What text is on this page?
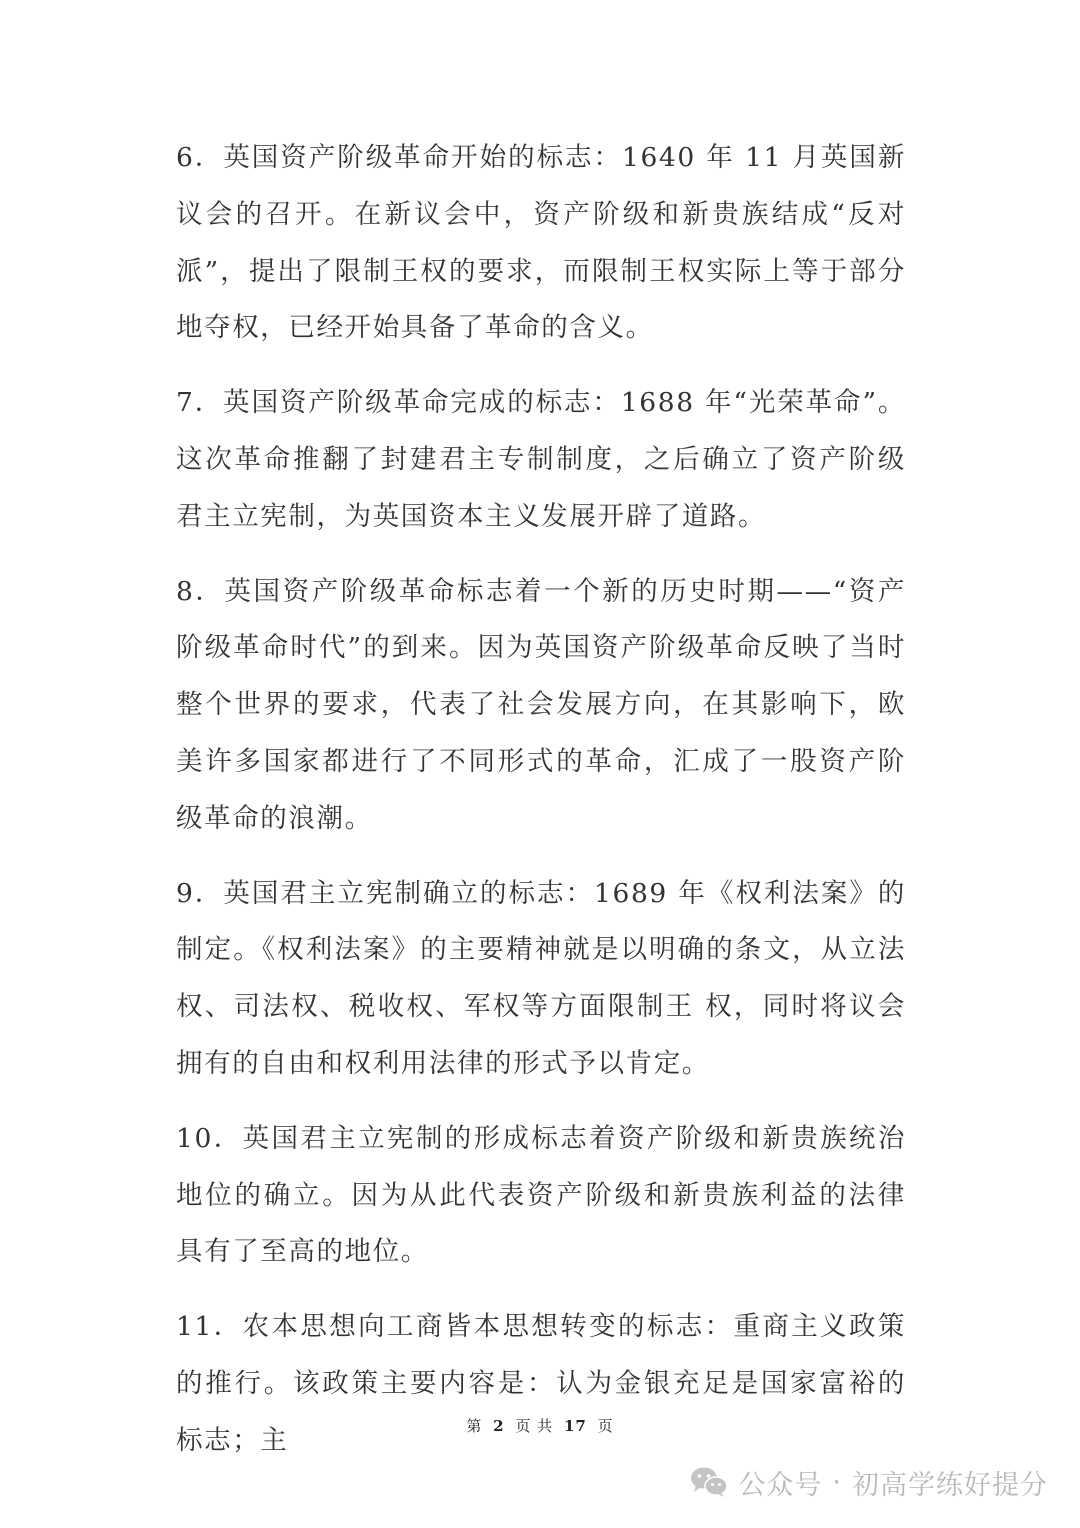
6．英国资产阶级革命开始的标志：1640 年 11 月英国新议会的召开。在新议会中，资产阶级和新贵族结成“反对派”，提出了限制王权的要求，而限制王权实际上等于部分地夺权，已经开始具备了革命的含义。

7．英国资产阶级革命完成的标志：1688 年“光荣革命”。这次革命推翻了封建君主专制制度，之后确立了资产阶级君主立宪制，为英国资本主义发展开辟了道路。

8．英国资产阶级革命标志着一个新的历史时期——“资产阶级革命时代”的到来。因为英国资产阶级革命反映了当时整个世界的要求，代表了社会发展方向，在其影响下，欧美许多国家都进行了不同形式的革命，汇成了一股资产阶级革命的浪潮。

9．英国君主立宪制确立的标志：1689 年《权利法案》的制定。《权利法案》的主要精神就是以明确的条文，从立法权、司法权、税收权、军权等方面限制王 权，同时将议会拥有的自由和权利用法律的形式予以肯定。

10．英国君主立宪制的形成标志着资产阶级和新贵族统治地位的确立。因为从此代表资产阶级和新贵族利益的法律具有了至高的地位。

11．农本思想向工商皆本思想转变的标志：重商主义政策的推行。该政策主要内容是：认为金银充足是国家富裕的标志；主	第 2 页 共 17 页
公众号 · 初高学练好提分
